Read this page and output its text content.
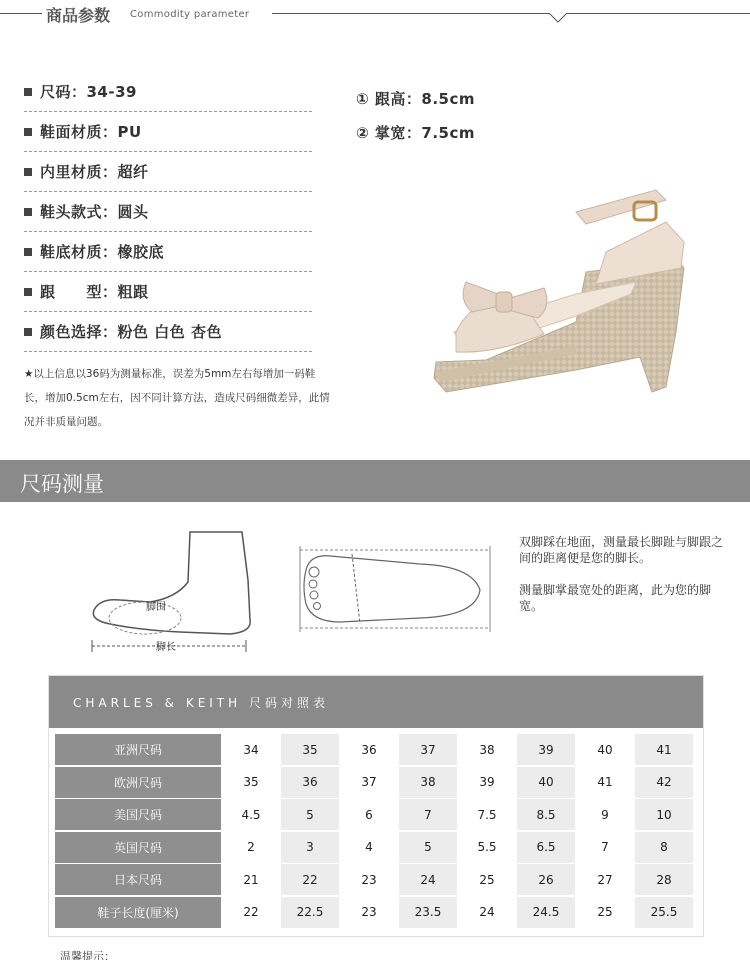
商品参数 Commodity parameter
尺码：34-39
鞋面材质：PU
内里材质：超纤
鞋头款式：圆头
鞋底材质：橡胶底
跟　　型：粗跟
颜色选择：粉色 白色 杏色
① 跟高：8.5cm
② 掌宽：7.5cm
★以上信息以36码为测量标准，误差为5mm左右每增加一码鞋长，增加0.5cm左右，因不同计算方法，造成尺码细微差异，此情况并非质量问题。
尺码测量
脚围
脚长

双脚踩在地面，测量最长脚趾与脚跟之间的距离便是您的脚长。

测量脚掌最宽处的距离，此为您的脚宽。

CHARLES & KEITH 尺码对照表
亚洲尺码	34	35	36	37	38	39	40	41
欧洲尺码	35	36	37	38	39	40	41	42
美国尺码	4.5	5	6	7	7.5	8.5	9	10
英国尺码	2	3	4	5	5.5	6.5	7	8
日本尺码	21	22	23	24	25	26	27	28
鞋子长度(厘米)	22	22.5	23	23.5	24	24.5	25	25.5
温馨提示：
